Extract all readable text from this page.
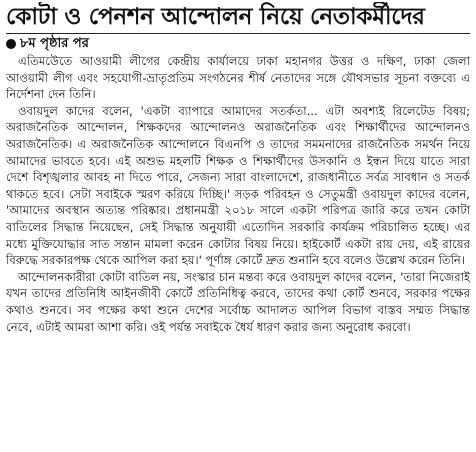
কোটা ও পেনশন আন্দোলন নিয়ে নেতাকর্মীদের
৮ম পৃষ্ঠার পর

এতিমউেতে আওয়ামী লীগের কেন্দ্রীয় কার্যালয়ে ঢাকা মহানগর উত্তর ও দক্ষিণ, ঢাকা জেলা আওয়ামী লীগ এবং সহযোগী-ভ্রাতৃপ্রতিম সংগঠনের শীর্ষ নেতাদের সঙ্গে যৌথসভার সূচনা বক্তব্যে এ নির্দেশনা দেন তিনি।

ওবায়দুল কাদের বলেন, 'একটা ব্যাপারে আমাদের সতর্কতা... এটা অবশ্যই রিলেটেড বিষয়; অরাজনৈতিক আন্দোলন, শিক্ষকদের আন্দোলনও অরাজনৈতিক এবং শিক্ষার্থীদের আন্দোলনও অরাজনৈতিক। এ অরাজনৈতিক আন্দোলনে বিএনপি ও তাদের সমমনাদের রাজনৈতিক সমর্থন নিয়ে আমাদের ভাবতে হবে। এই অশুভ মহলটি শিক্ষক ও শিক্ষার্থীদের উসকানি ও ইন্ধন দিয়ে যাতে সারা দেশে বিশৃঙ্খলার আবহ না দিতে পারে, সেজন্য সারা বাংলাদেশে, রাজধানীতে সর্বত্র সাবধান ও সতর্ক থাকতে হবে। সেটা সবাইকে স্মরণ করিয়ে দিচ্ছি।' সড়ক পরিবহন ও সেতুমন্ত্রী ওবায়দুল কাদের বলেন, 'আমাদের অবস্থান অত্যন্ত পরিষ্কার। প্রধানমন্ত্রী ২০১৮ সালে একটা পরিপত্র জারি করে তখন কোটা বাতিলের সিদ্ধান্ত নিয়েছেন, সেই সিদ্ধান্ত অনুযায়ী এতোদিন সরকারি কার্যক্রম পরিচালিত হচ্ছে। এর মধ্যে মুক্তিযোদ্ধার সাত সন্তান মামলা করেন কোটার বিষয় নিয়ে। হাইকোর্ট একটা রায় দেয়, এই রায়ের বিরুদ্ধে সরকারপক্ষ থেকে আপিল করা হয়।' পূর্ণাঙ্গ কোর্টে দ্রুত শুনানি হবে বলেও উল্লেখ করেন তিনি।

আন্দোলনকারীরা কোটা বাতিল নয়, সংস্কার চান মন্তব্য করে ওবায়দুল কাদের বলেন, 'তারা নিজেরাই যখন তাদের প্রতিনিধি আইনজীবী কোর্টে প্রতিনিধিত্ব করবে, তাদের কথা কোর্ট শুনবে, সরকার পক্ষের কথাও শুনবে। সব পক্ষের কথা শুনে দেশের সর্বোচ্চ আদালত আপিল বিভাগ বাস্তব সম্মত সিদ্ধান্ত নেবে, এটাই আমরা আশা করি। ওই পর্যন্ত সবাইকে ধৈর্য ধারণ করার জন্য অনুরোধ করবো।
